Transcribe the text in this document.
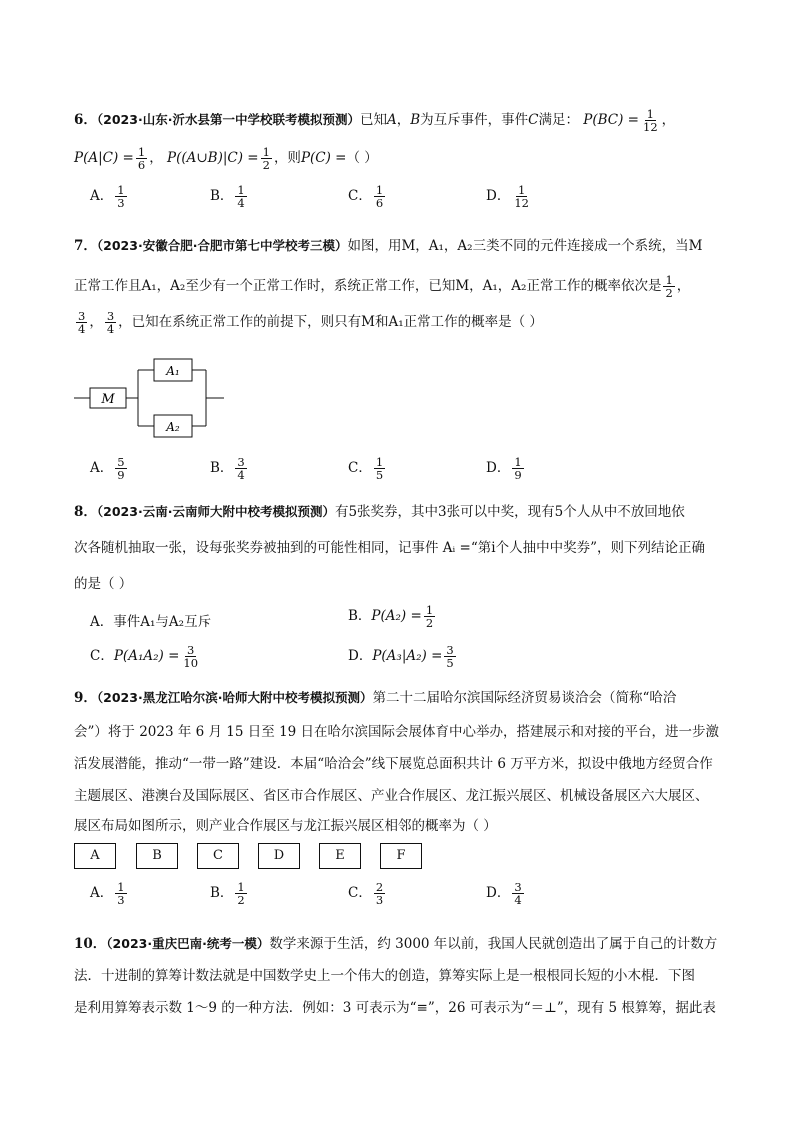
6．（2023·山东·沂水县第一中学校联考模拟预测）已知A，B为互斥事件，事件C满足： $P(BC) = \frac{1}{12}$ ，
$P(A|C) = \frac{1}{6}$ ， P((A∪B)|C) = $\frac{1}{2}$ ，则P(C) =（ ）
A． $\frac{1}{3}$	B． $\frac{1}{4}$	C． $\frac{1}{6}$	D． $\frac{1}{12}$
7．（2023·安徽合肥·合肥市第七中学校考三模）如图，用M，A₁，A₂三类不同的元件连接成一个系统，当M
正常工作且A₁，A₂至少有一个正常工作时，系统正常工作，已知M，A₁，A₂正常工作的概率依次是 $\frac{1}{2}$ ，
$\frac{3}{4}$ ， $\frac{3}{4}$ ，已知在系统正常工作的前提下，则只有M和A₁正常工作的概率是（ ）
M
A₁
A₂
A． $\frac{5}{9}$	B． $\frac{3}{4}$	C． $\frac{1}{5}$	D． $\frac{1}{9}$
8．（2023·云南·云南师大附中校考模拟预测）有5张奖券，其中3张可以中奖，现有5个人从中不放回地依
次各随机抽取一张，设每张奖券被抽到的可能性相同，记事件 Aᵢ =“第i个人抽中中奖券”，则下列结论正确
的是（ ）
A．事件A₁与A₂互斥	B．$P(A_2) = \frac{1}{2}$
C．$P(A_1A_2) = \frac{3}{10}$	D．$P(A_3|A_2) = \frac{3}{5}$
9．（2023·黑龙江哈尔滨·哈师大附中校考模拟预测）第二十二届哈尔滨国际经济贸易谈洽会（简称“哈洽
会”）将于 2023 年 6 月 15 日至 19 日在哈尔滨国际会展体育中心举办，搭建展示和对接的平台，进一步激
活发展潜能，推动“一带一路”建设．本届“哈洽会”线下展览总面积共计 6 万平方米，拟设中俄地方经贸合作
主题展区、港澳台及国际展区、省区市合作展区、产业合作展区、龙江振兴展区、机械设备展区六大展区、
展区布局如图所示，则产业合作展区与龙江振兴展区相邻的概率为（ ）
A	B	C	D	E	F
A． $\frac{1}{3}$	B． $\frac{1}{2}$	C． $\frac{2}{3}$	D． $\frac{3}{4}$
10．（2023·重庆巴南·统考一模）数学来源于生活，约 3000 年以前，我国人民就创造出了属于自己的计数方
法．十进制的算筹计数法就是中国数学史上一个伟大的创造，算筹实际上是一根根同长短的小木棍．下图
是利用算筹表示数 1～9 的一种方法．例如：3 可表示为“≡”，26 可表示为“＝⊥”，现有 5 根算筹，据此表
